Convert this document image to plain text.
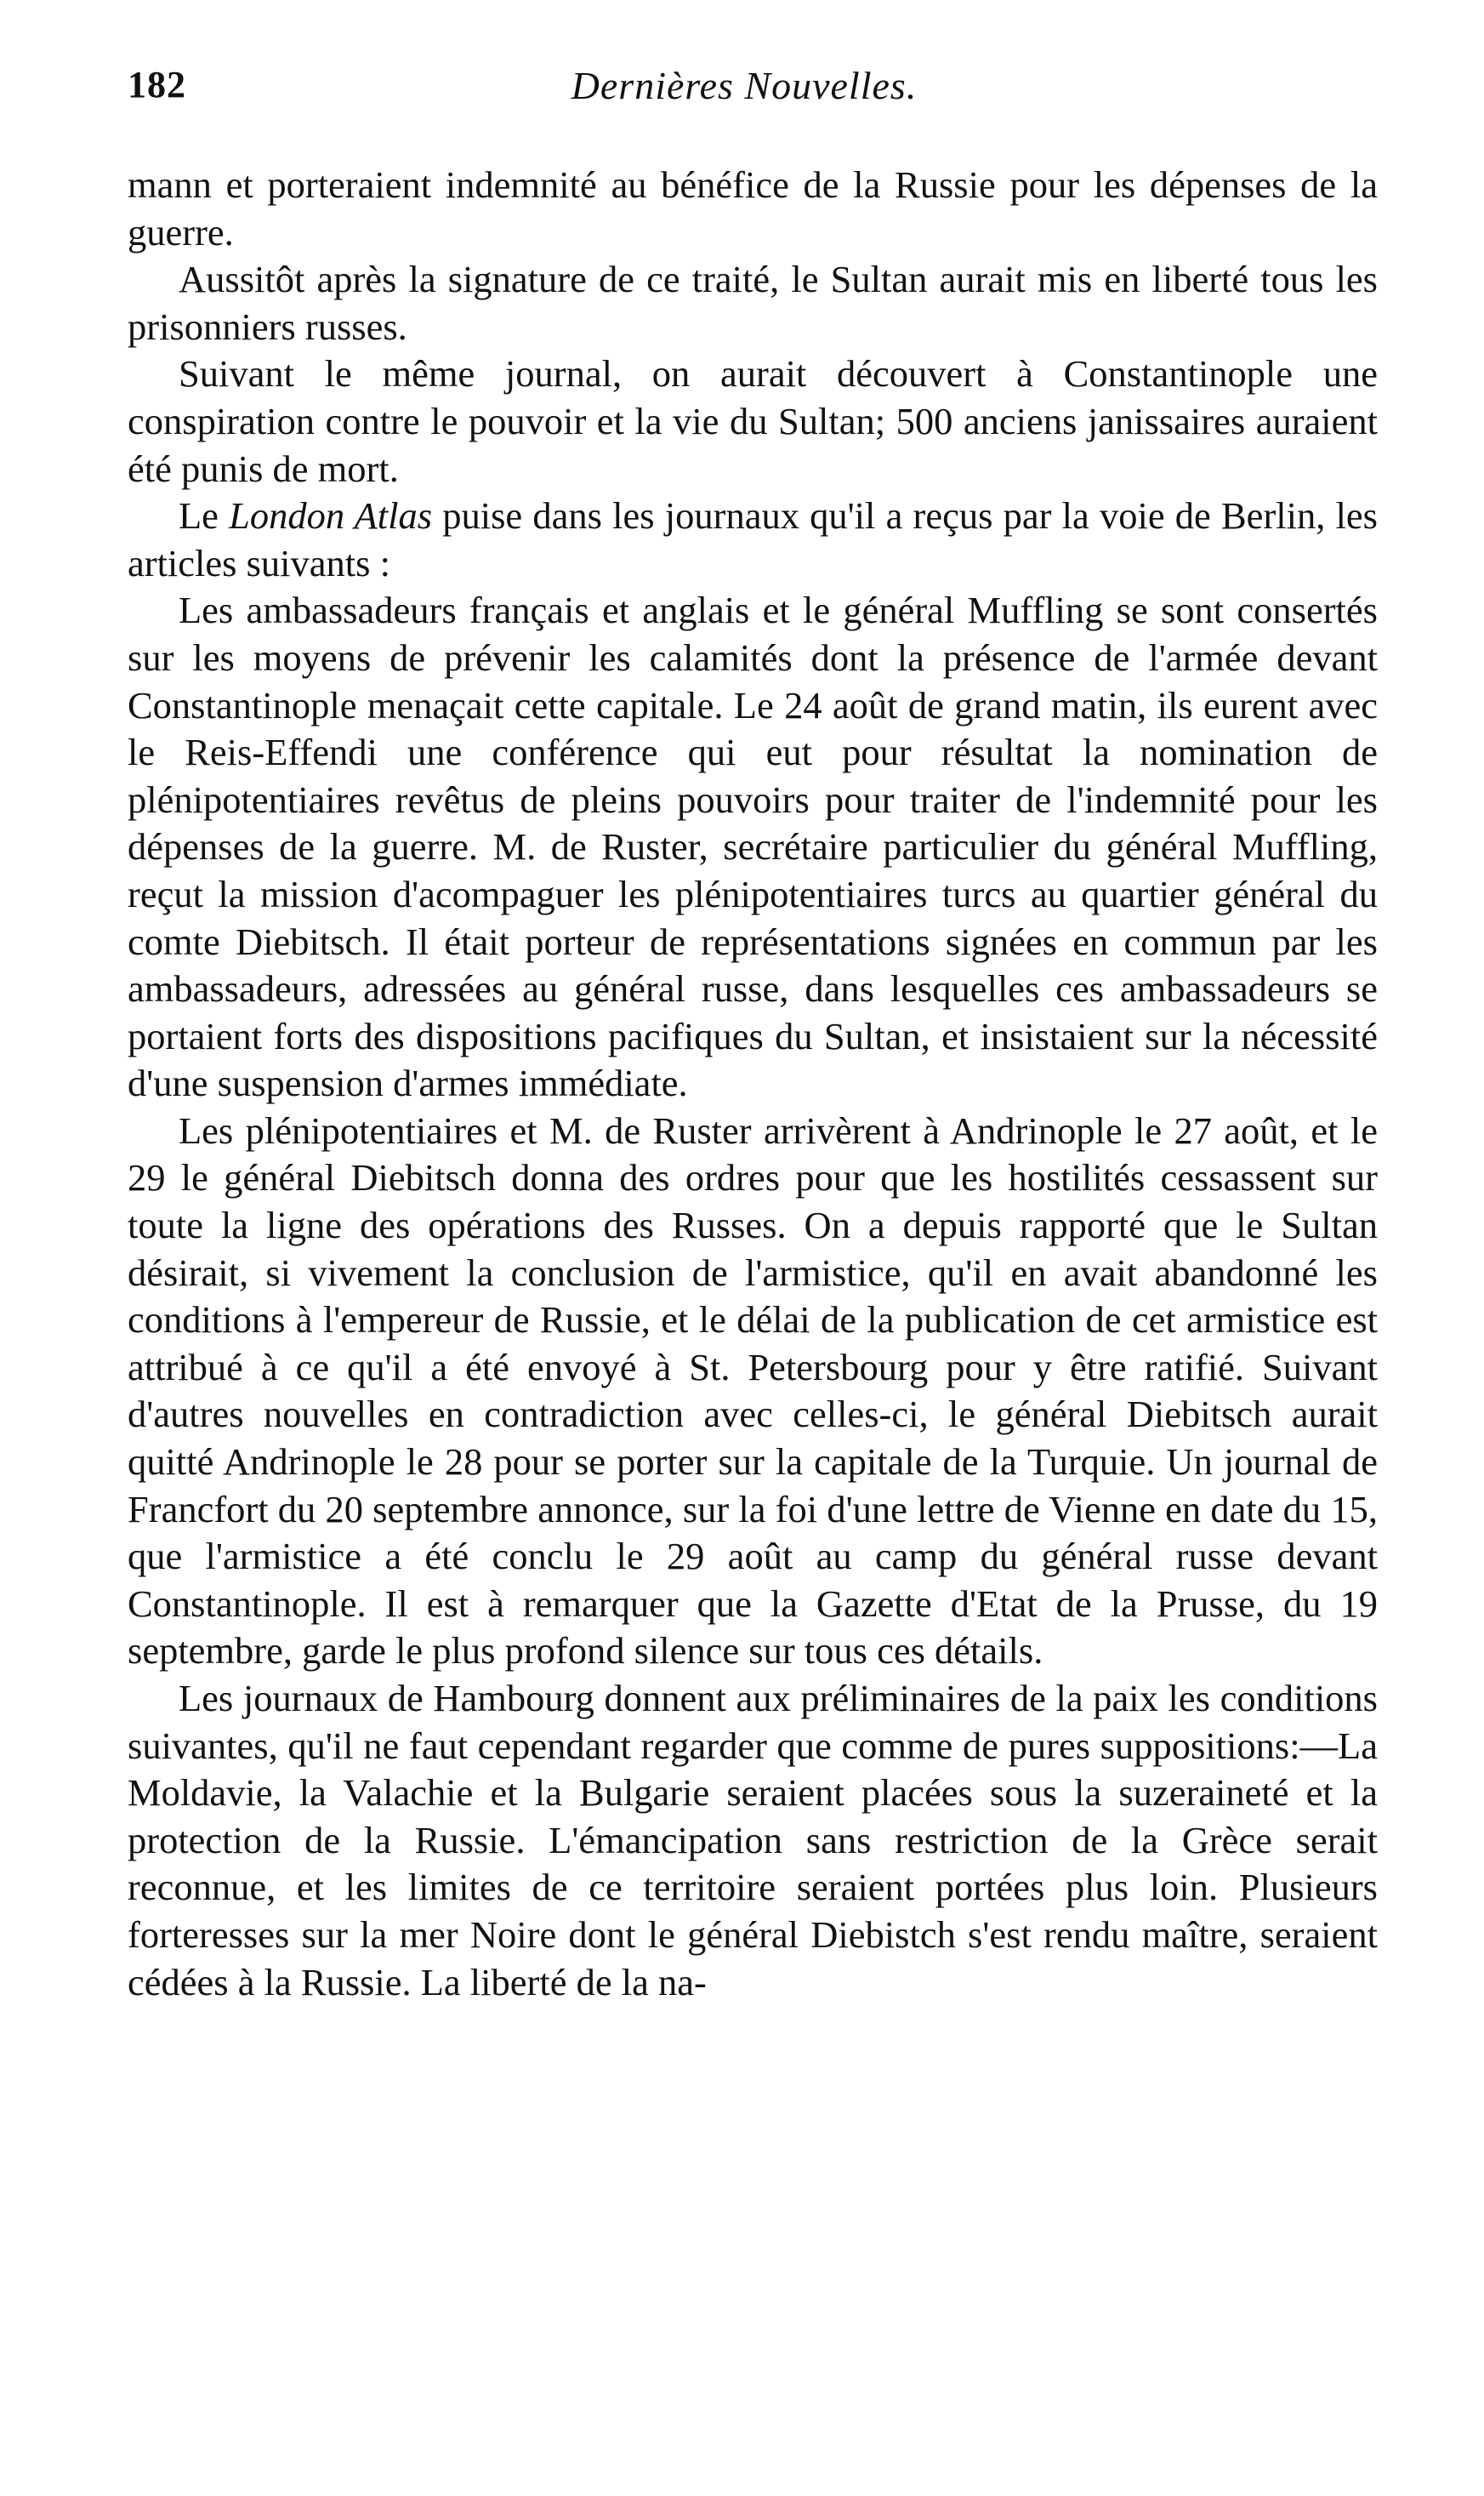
182	Dernières Nouvelles.

mann et porteraient indemnité au bénéfice de la Russie pour les dépenses de la guerre.

Aussitôt après la signature de ce traité, le Sultan aurait mis en liberté tous les prisonniers russes.

Suivant le même journal, on aurait découvert à Constantinople une conspiration contre le pouvoir et la vie du Sultan; 500 anciens janissaires auraient été punis de mort.

Le London Atlas puise dans les journaux qu'il a reçus par la voie de Berlin, les articles suivants :

Les ambassadeurs français et anglais et le général Muffling se sont consertés sur les moyens de prévenir les calamités dont la présence de l'armée devant Constantinople menaçait cette capitale. Le 24 août de grand matin, ils eurent avec le Reis-Effendi une conférence qui eut pour résultat la nomination de plénipotentiaires revêtus de pleins pouvoirs pour traiter de l'indemnité pour les dépenses de la guerre. M. de Ruster, secrétaire particulier du général Muffling, reçut la mission d'acompaguer les plénipotentiaires turcs au quartier général du comte Diebitsch. Il était porteur de représentations signées en commun par les ambassadeurs, adressées au général russe, dans lesquelles ces ambassadeurs se portaient forts des dispositions pacifiques du Sultan, et insistaient sur la nécessité d'une suspension d'armes immédiate.

Les plénipotentiaires et M. de Ruster arrivèrent à Andrinople le 27 août, et le 29 le général Diebitsch donna des ordres pour que les hostilités cessassent sur toute la ligne des opérations des Russes. On a depuis rapporté que le Sultan désirait, si vivement la conclusion de l'armistice, qu'il en avait abandonné les conditions à l'empereur de Russie, et le délai de la publication de cet armistice est attribué à ce qu'il a été envoyé à St. Petersbourg pour y être ratifié. Suivant d'autres nouvelles en contradiction avec celles-ci, le général Diebitsch aurait quitté Andrinople le 28 pour se porter sur la capitale de la Turquie. Un journal de Francfort du 20 septembre annonce, sur la foi d'une lettre de Vienne en date du 15, que l'armistice a été conclu le 29 août au camp du général russe devant Constantinople. Il est à remarquer que la Gazette d'Etat de la Prusse, du 19 septembre, garde le plus profond silence sur tous ces détails.

Les journaux de Hambourg donnent aux préliminaires de la paix les conditions suivantes, qu'il ne faut cependant regarder que comme de pures suppositions:—La Moldavie, la Valachie et la Bulgarie seraient placées sous la suzeraineté et la protection de la Russie. L'émancipation sans restriction de la Grèce serait reconnue, et les limites de ce territoire seraient portées plus loin. Plusieurs forteresses sur la mer Noire dont le général Diebistch s'est rendu maître, seraient cédées à la Russie. La liberté de la na-
